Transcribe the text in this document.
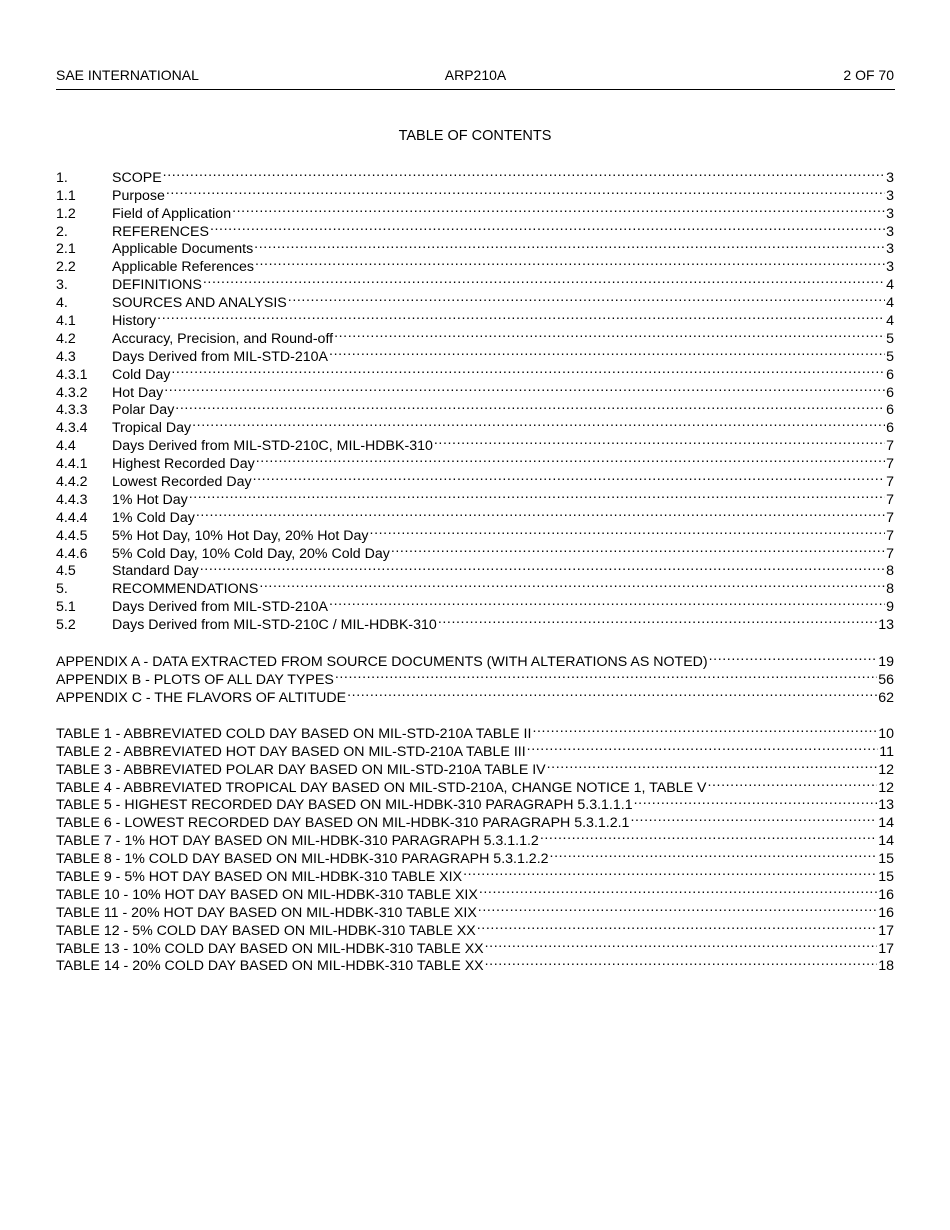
SAE INTERNATIONAL	ARP210A	2 OF 70
TABLE OF CONTENTS
1.	SCOPE .....	3
1.1	Purpose .....	3
1.2	Field of Application .....	3
2.	REFERENCES .....	3
2.1	Applicable Documents .....	3
2.2	Applicable References .....	3
3.	DEFINITIONS .....	4
4.	SOURCES AND ANALYSIS .....	4
4.1	History .....	4
4.2	Accuracy, Precision, and Round-off .....	5
4.3	Days Derived from MIL-STD-210A .....	5
4.3.1	Cold Day .....	6
4.3.2	Hot Day .....	6
4.3.3	Polar Day .....	6
4.3.4	Tropical Day .....	6
4.4	Days Derived from MIL-STD-210C, MIL-HDBK-310 .....	7
4.4.1	Highest Recorded Day .....	7
4.4.2	Lowest Recorded Day .....	7
4.4.3	1% Hot Day .....	7
4.4.4	1% Cold Day .....	7
4.4.5	5% Hot Day, 10% Hot Day, 20% Hot Day .....	7
4.4.6	5% Cold Day, 10% Cold Day, 20% Cold Day .....	7
4.5	Standard Day .....	8
5.	RECOMMENDATIONS .....	8
5.1	Days Derived from MIL-STD-210A .....	9
5.2	Days Derived from MIL-STD-210C / MIL-HDBK-310 .....	13
APPENDIX A - DATA EXTRACTED FROM SOURCE DOCUMENTS (WITH ALTERATIONS AS NOTED) .....	19
APPENDIX B - PLOTS OF ALL DAY TYPES .....	56
APPENDIX C - THE FLAVORS OF ALTITUDE .....	62
TABLE 1 - ABBREVIATED COLD DAY BASED ON MIL-STD-210A TABLE II .....	10
TABLE 2 - ABBREVIATED HOT DAY BASED ON MIL-STD-210A TABLE III .....	11
TABLE 3 - ABBREVIATED POLAR DAY BASED ON MIL-STD-210A TABLE IV .....	12
TABLE 4 - ABBREVIATED TROPICAL DAY BASED ON MIL-STD-210A, CHANGE NOTICE 1, TABLE V .....	12
TABLE 5 - HIGHEST RECORDED DAY BASED ON MIL-HDBK-310 PARAGRAPH 5.3.1.1.1 .....	13
TABLE 6 - LOWEST RECORDED DAY BASED ON MIL-HDBK-310 PARAGRAPH 5.3.1.2.1 .....	14
TABLE 7 - 1% HOT DAY BASED ON MIL-HDBK-310 PARAGRAPH 5.3.1.1.2 .....	14
TABLE 8 - 1% COLD DAY BASED ON MIL-HDBK-310 PARAGRAPH 5.3.1.2.2 .....	15
TABLE 9 - 5% HOT DAY BASED ON MIL-HDBK-310 TABLE XIX .....	15
TABLE 10 - 10% HOT DAY BASED ON MIL-HDBK-310 TABLE XIX .....	16
TABLE 11 - 20% HOT DAY BASED ON MIL-HDBK-310 TABLE XIX .....	16
TABLE 12 - 5% COLD DAY BASED ON MIL-HDBK-310 TABLE XX .....	17
TABLE 13 - 10% COLD DAY BASED ON MIL-HDBK-310 TABLE XX .....	17
TABLE 14 - 20% COLD DAY BASED ON MIL-HDBK-310 TABLE XX .....	18
